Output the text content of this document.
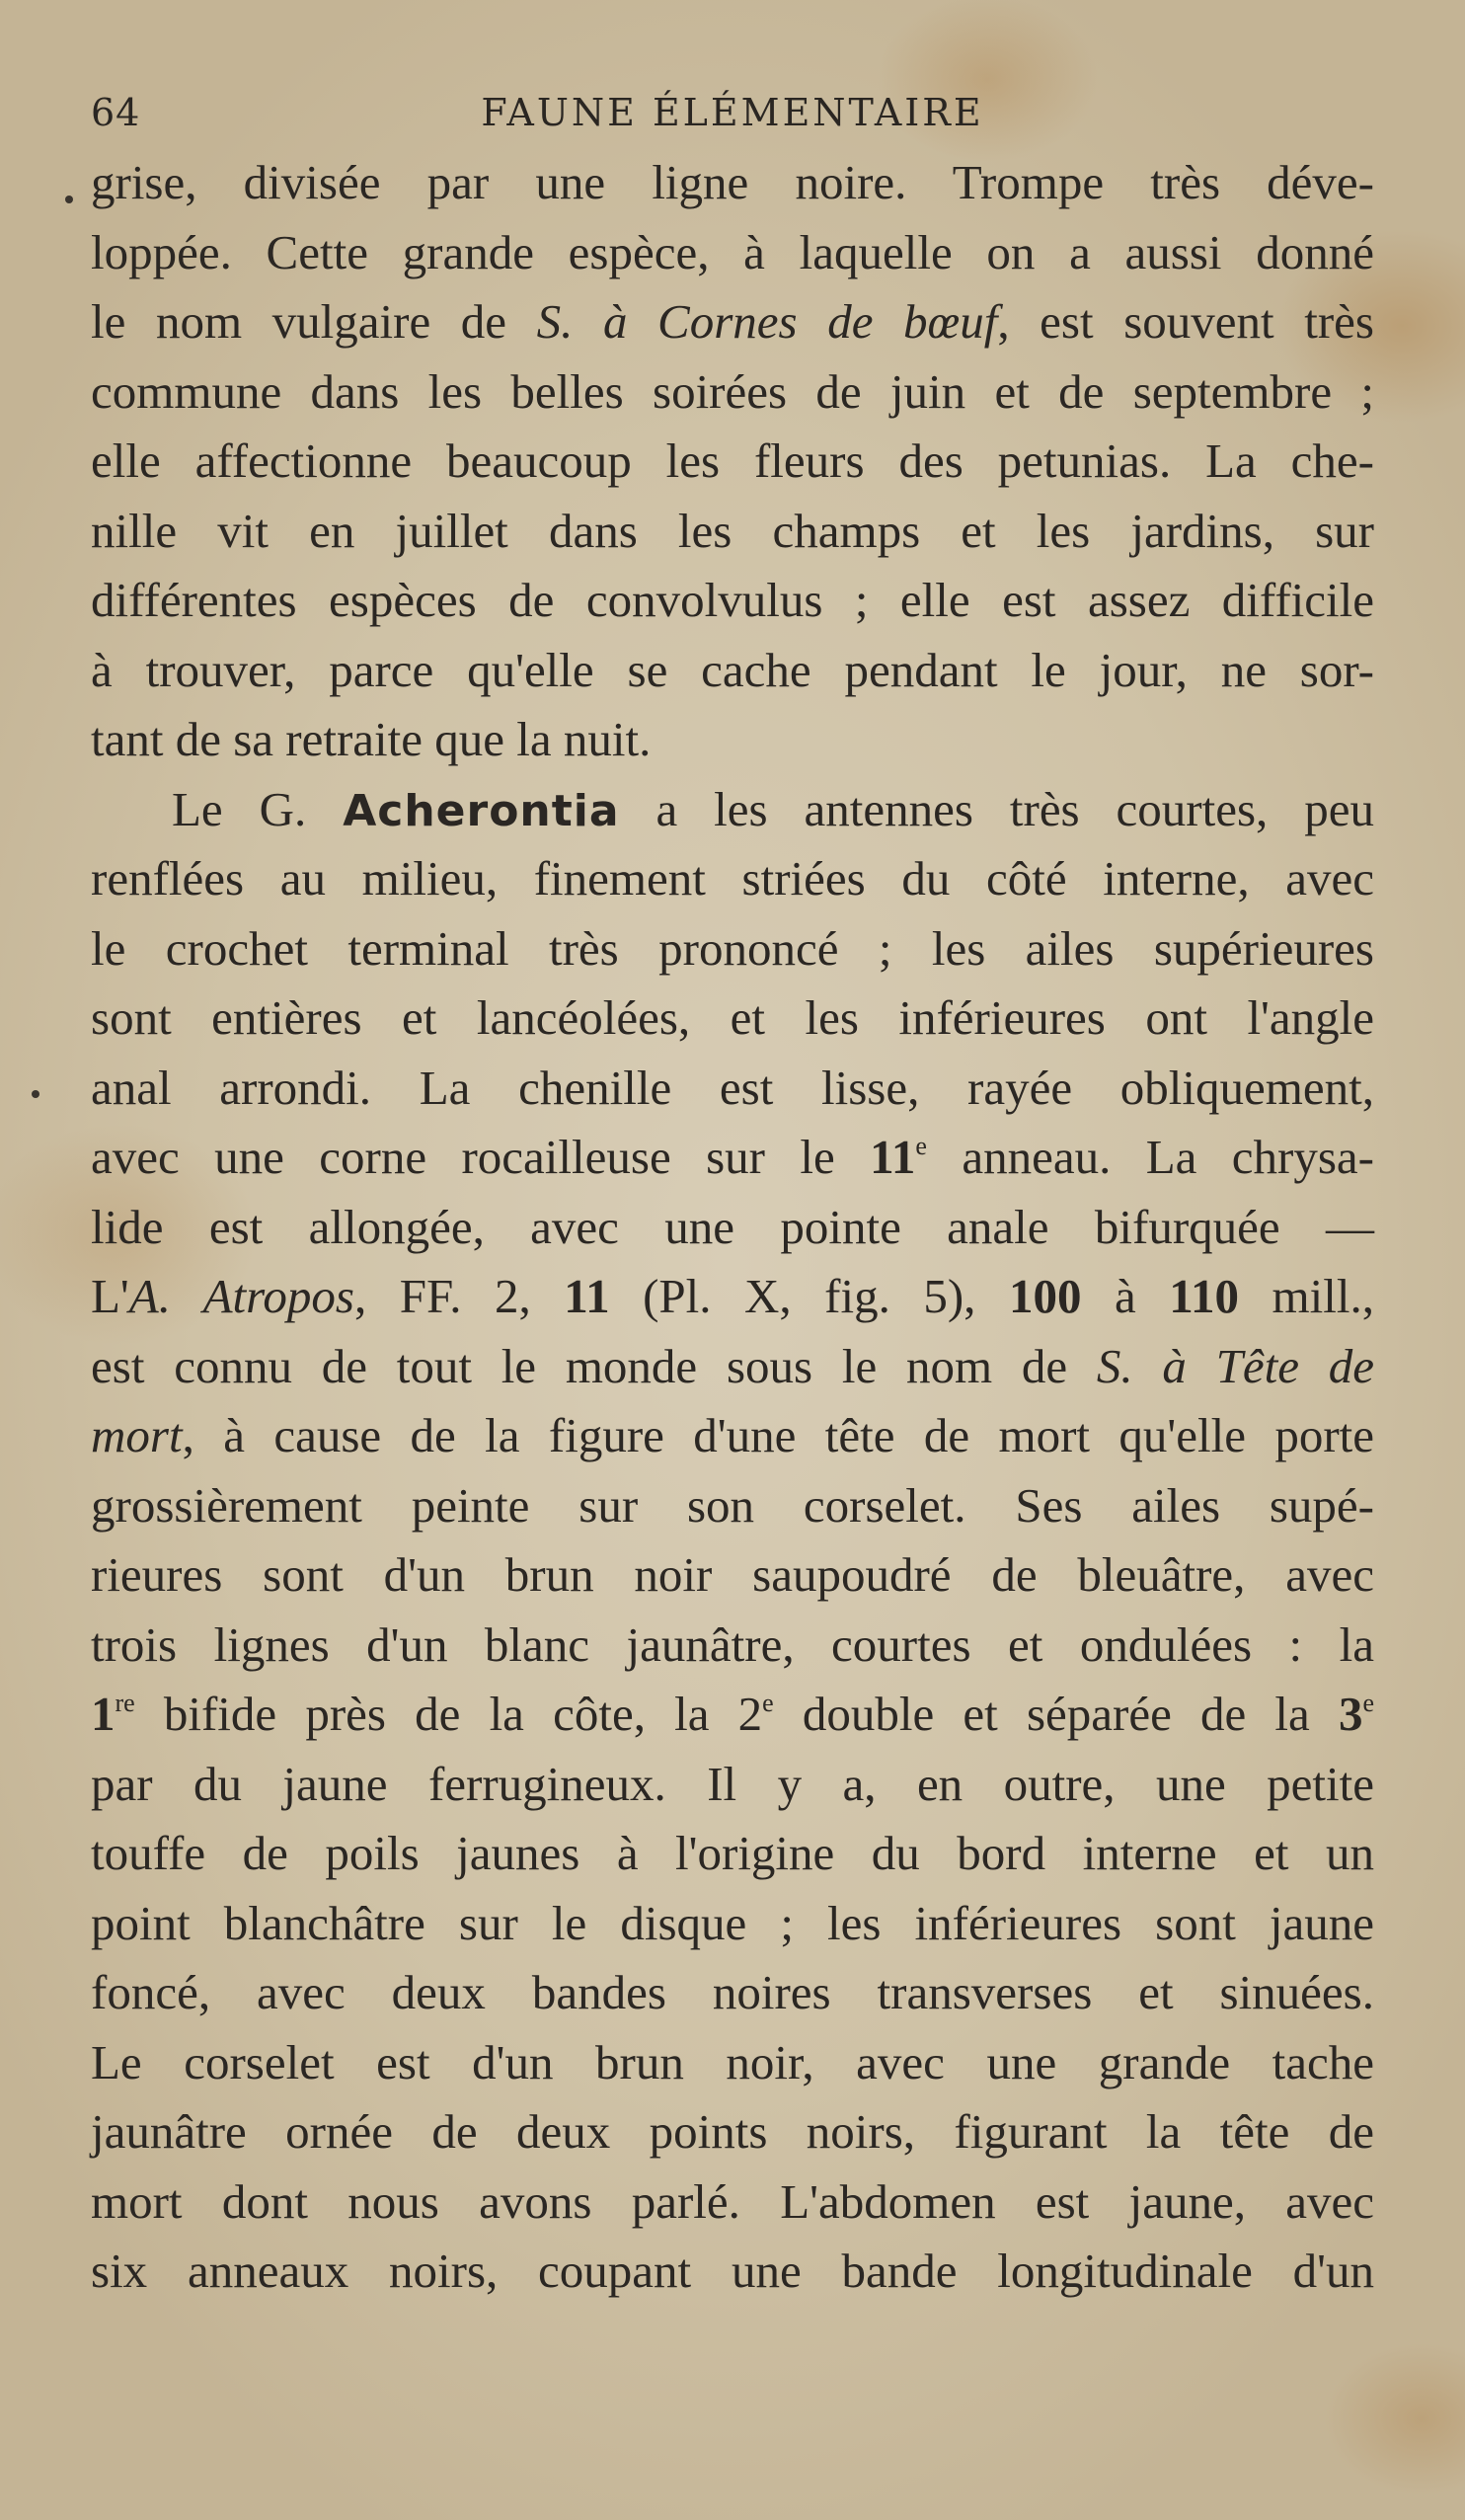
64	FAUNE ÉLÉMENTAIRE
grise, divisée par une ligne noire. Trompe très déve-
loppée. Cette grande espèce, à laquelle on a aussi donné
le nom vulgaire de S. à Cornes de bœuf, est souvent très
commune dans les belles soirées de juin et de septembre ;
elle affectionne beaucoup les fleurs des petunias. La che-
nille vit en juillet dans les champs et les jardins, sur
différentes espèces de convolvulus ; elle est assez difficile
à trouver, parce qu'elle se cache pendant le jour, ne sor-
tant de sa retraite que la nuit.
Le G. Acherontia a les antennes très courtes, peu
renflées au milieu, finement striées du côté interne, avec
le crochet terminal très prononcé ; les ailes supérieures
sont entières et lancéolées, et les inférieures ont l'angle
anal arrondi. La chenille est lisse, rayée obliquement,
avec une corne rocailleuse sur le 11e anneau. La chrysa-
lide est allongée, avec une pointe anale bifurquée —
L'A. Atropos, FF. 2, 11 (Pl. X, fig. 5), 100 à 110 mill.,
est connu de tout le monde sous le nom de S. à Tête de
mort, à cause de la figure d'une tête de mort qu'elle porte
grossièrement peinte sur son corselet. Ses ailes supé-
rieures sont d'un brun noir saupoudré de bleuâtre, avec
trois lignes d'un blanc jaunâtre, courtes et ondulées : la
1re bifide près de la côte, la 2e double et séparée de la 3e
par du jaune ferrugineux. Il y a, en outre, une petite
touffe de poils jaunes à l'origine du bord interne et un
point blanchâtre sur le disque ; les inférieures sont jaune
foncé, avec deux bandes noires transverses et sinuées.
Le corselet est d'un brun noir, avec une grande tache
jaunâtre ornée de deux points noirs, figurant la tête de
mort dont nous avons parlé. L'abdomen est jaune, avec
six anneaux noirs, coupant une bande longitudinale d'un
